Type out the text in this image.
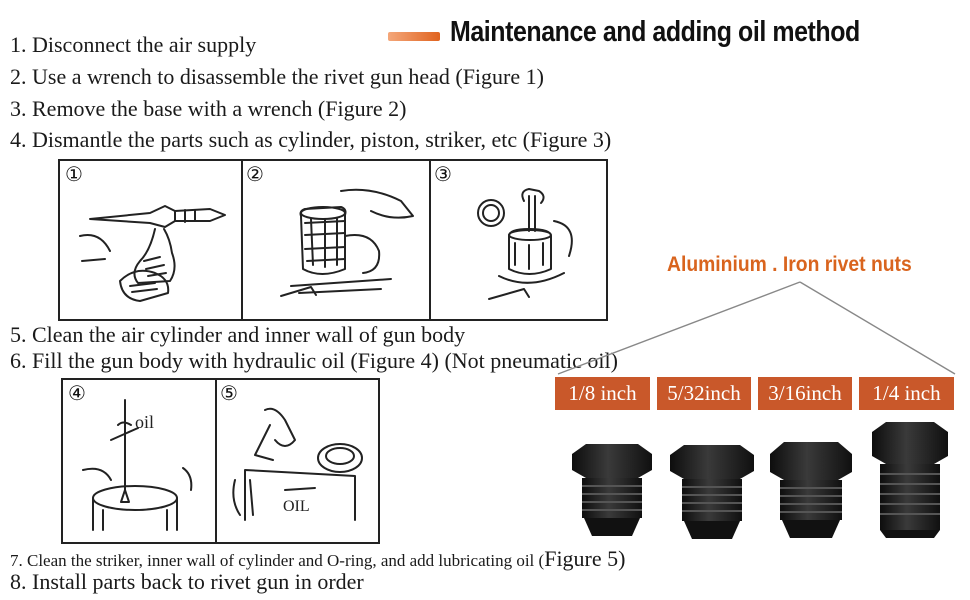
Maintenance and adding oil method
1. Disconnect the air supply
2. Use a wrench to disassemble the rivet gun head (Figure 1)
3. Remove the base with a wrench (Figure 2)
4. Dismantle the parts such as cylinder, piston, striker, etc (Figure 3)
①	②	③
5. Clean the air cylinder and inner wall of gun body
6. Fill the gun body with hydraulic oil (Figure 4) (Not pneumatic oil)
④
oil
⑤
OIL
7. Clean the striker, inner wall of cylinder and O-ring, and add lubricating oil (Figure 5)
8. Install parts back to rivet gun in order
Aluminium . Iron rivet nuts
1/8 inch	5/32inch	3/16inch	1/4 inch
